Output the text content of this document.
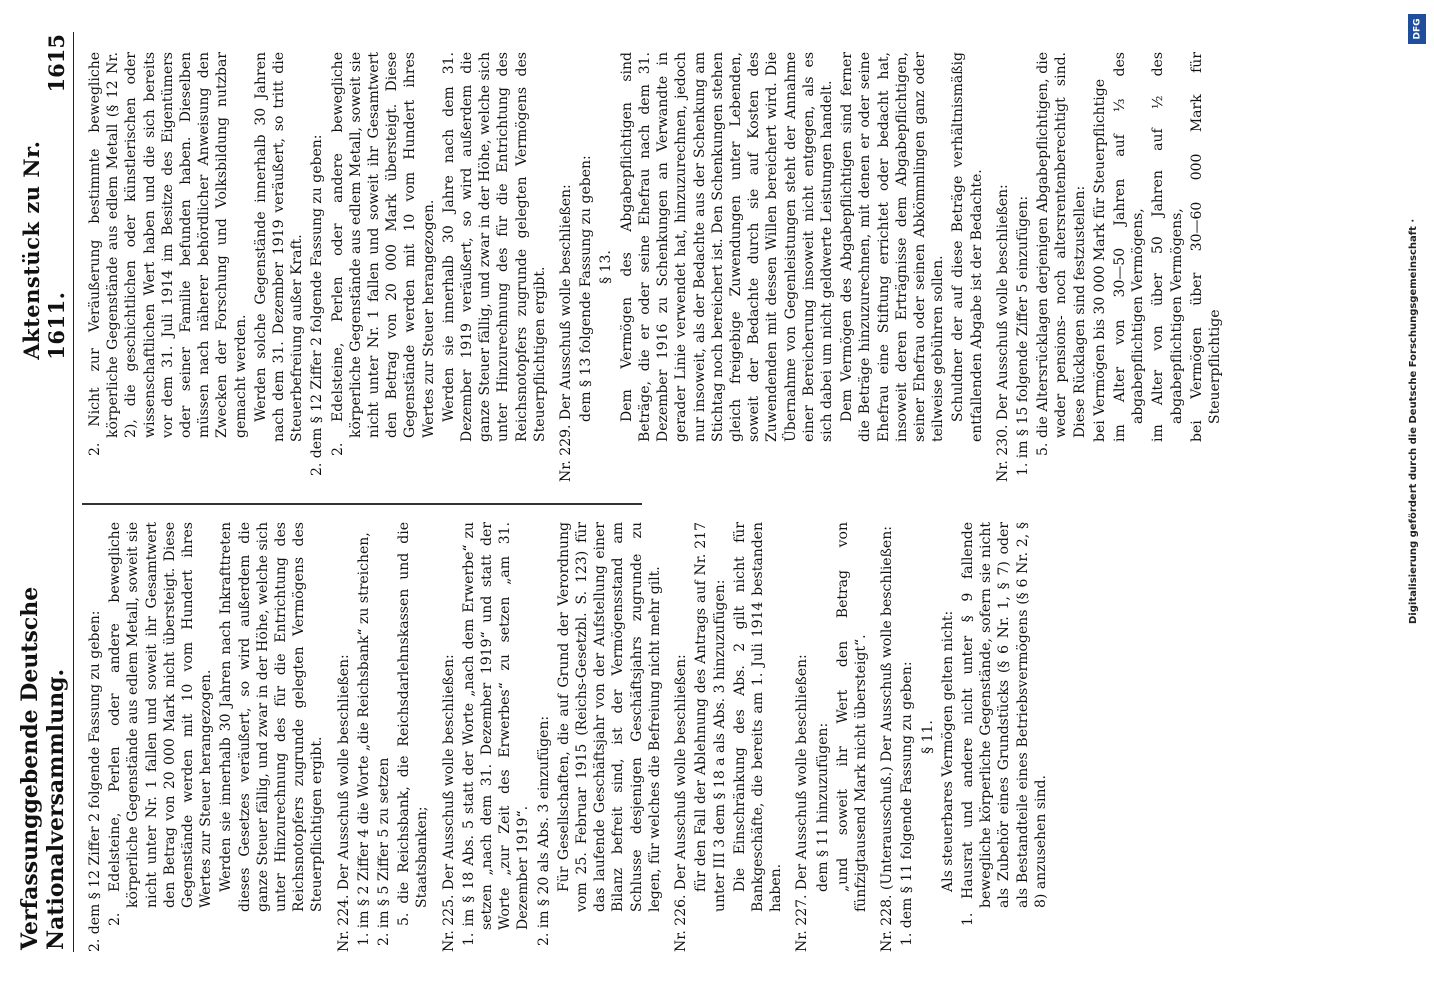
Verfassunggebende Deutsche Nationalversammlung.
Aktenstück zu Nr. 1611.
1615

2. dem § 12 Ziffer 2 folgende Fassung zu geben: 2. Edelsteine, Perlen oder andere bewegliche körperliche Gegenstände aus edlem Metall, soweit sie nicht unter Nr. 1 fallen und soweit ihr Gesamtwert den Betrag von 20 000 Mark nicht übersteigt. Diese Gegenstände werden mit 10 vom Hundert ihres Wertes zur Steuer herangezogen. Werden sie innerhalb 30 Jahren nach Inkrafttreten dieses Gesetzes veräußert, so wird außerdem die ganze Steuer fällig, und zwar in der Höhe, welche sich unter Hinzurechnung des für die Entrichtung des Reichsnotopfers zugrunde gelegten Vermögens des Steuerpflichtigen ergibt. Nr. 224. Der Ausschuß wolle beschließen: 1. im § 2 Ziffer 4 die Worte „die Reichsbank“ zu streichen, 2. im § 5 Ziffer 5 zu setzen 5. die Reichsbank, die Reichsdarlehnskassen und die Staatsbanken; Nr. 225. Der Ausschuß wolle beschließen: 1. im § 18 Abs. 5 statt der Worte „nach dem Erwerbe“ zu setzen „nach dem 31. Dezember 1919“ und statt der Worte „zur Zeit des Erwerbes“ zu setzen „am 31. Dezember 1919“. 2. im § 20 als Abs. 3 einzufügen: Für Gesellschaften, die auf Grund der Verordnung vom 25. Februar 1915 (Reichs-Gesetzbl. S. 123) für das laufende Geschäftsjahr von der Aufstellung einer Bilanz befreit sind, ist der Vermögensstand am Schlusse desjenigen Geschäftsjahrs zugrunde zu legen, für welches die Befreiung nicht mehr gilt. Nr. 226. Der Ausschuß wolle beschließen: für den Fall der Ablehnung des Antrags auf Nr. 217 unter III 3 dem § 18 a als Abs. 3 hinzuzufügen: Die Einschränkung des Abs. 2 gilt nicht für Bankgeschäfte, die bereits am 1. Juli 1914 bestanden haben. Nr. 227. Der Ausschuß wolle beschließen: dem § 11 hinzuzufügen: „und soweit ihr Wert den Betrag von fünfzigtausend Mark nicht übersteigt“. Nr. 228. (Unterausschuß.) Der Ausschuß wolle beschließen: 1. dem § 11 folgende Fassung zu geben: § 11. Als steuerbares Vermögen gelten nicht: 1. Hausrat und andere nicht unter § 9 fallende bewegliche körperliche Gegenstände, sofern sie nicht als Zubehör eines Grundstücks (§ 6 Nr. 1, § 7) oder als Bestandteile eines Betriebsvermögens (§ 6 Nr. 2, § 8) anzusehen sind.

2. Nicht zur Veräußerung bestimmte bewegliche körperliche Gegenstände aus edlem Metall (§ 12 Nr. 2), die geschichtlichen oder künstlerischen oder wissenschaftlichen Wert haben und die sich bereits vor dem 31. Juli 1914 im Besitze des Eigentümers oder seiner Familie befunden haben. Dieselben müssen nach näherer behördlicher Anweisung den Zwecken der Forschung und Volksbildung nutzbar gemacht werden. Werden solche Gegenstände innerhalb 30 Jahren nach dem 31. Dezember 1919 veräußert, so tritt die Steuerbefreiung außer Kraft. 2. dem § 12 Ziffer 2 folgende Fassung zu geben: 2. Edelsteine, Perlen oder andere bewegliche körperliche Gegenstände aus edlem Metall, soweit sie nicht unter Nr. 1 fallen und soweit ihr Gesamtwert den Betrag von 20 000 Mark übersteigt. Diese Gegenstände werden mit 10 vom Hundert ihres Wertes zur Steuer herangezogen. Werden sie innerhalb 30 Jahre nach dem 31. Dezember 1919 veräußert, so wird außerdem die ganze Steuer fällig, und zwar in der Höhe, welche sich unter Hinzurechnung des für die Entrichtung des Reichsnotopfers zugrunde gelegten Vermögens des Steuerpflichtigen ergibt. Nr. 229. Der Ausschuß wolle beschließen: dem § 13 folgende Fassung zu geben: § 13. Dem Vermögen des Abgabepflichtigen sind Beträge, die er oder seine Ehefrau nach dem 31. Dezember 1916 zu Schenkungen an Verwandte in gerader Linie verwendet hat, hinzuzurechnen, jedoch nur insoweit, als der Bedachte aus der Schenkung am Stichtag noch bereichert ist. Den Schenkungen stehen gleich freigebige Zuwendungen unter Lebenden, soweit der Bedachte durch sie auf Kosten des Zuwendenden mit dessen Willen bereichert wird. Die Übernahme von Gegenleistungen steht der Annahme einer Bereicherung insoweit nicht entgegen, als es sich dabei um nicht geldwerte Leistungen handelt. Dem Vermögen des Abgabepflichtigen sind ferner die Beträge hinzuzurechnen, mit denen er oder seine Ehefrau eine Stiftung errichtet oder bedacht hat, insoweit deren Erträgnisse dem Abgabepflichtigen, seiner Ehefrau oder seinen Abkömmlingen ganz oder teilweise gebühren sollen. Schuldner der auf diese Beträge verhältnismäßig entfallenden Abgabe ist der Bedachte. Nr. 230. Der Ausschuß wolle beschließen: 1. im § 15 folgende Ziffer 5 einzufügen: 5. die Altersrücklagen derjenigen Abgabepflichtigen, die weder pensions- noch altersrentenberechtigt sind. Diese Rücklagen sind festzustellen: bei Vermögen bis 30 000 Mark für Steuerpflichtige im Alter von 30—50 Jahren auf ⅓ des abgabepflichtigen Vermögens, im Alter von über 50 Jahren auf ½ des abgabepflichtigen Vermögens, bei Vermögen über 30—60 000 Mark für Steuerpflichtige

DFG
Digitalisierung gefördert durch die Deutsche Forschungsgemeinschaft ·
